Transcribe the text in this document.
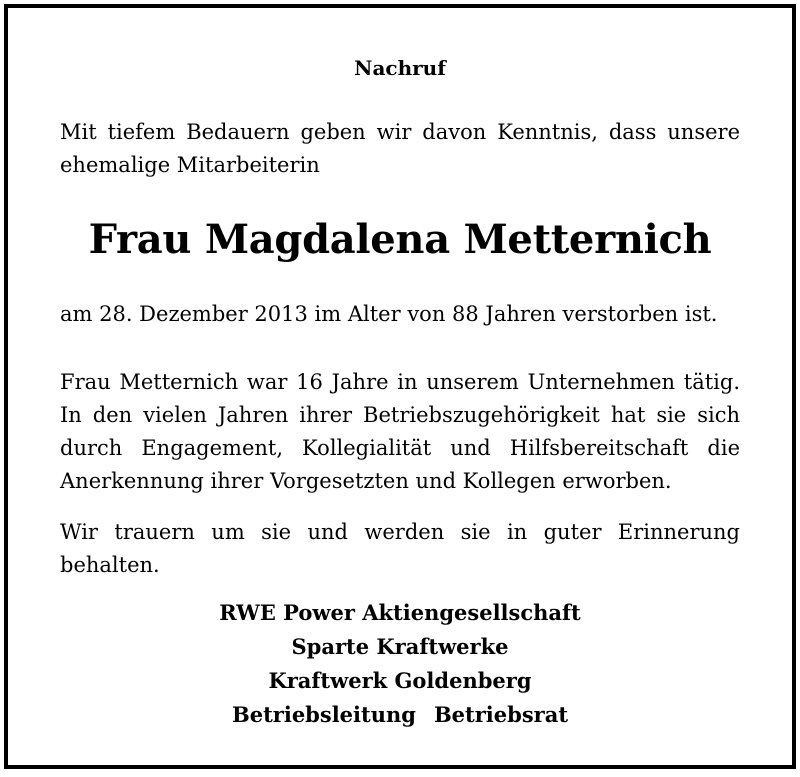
Nachruf
Mit tiefem Bedauern geben wir davon Kenntnis, dass unsere ehemalige Mitarbeiterin
Frau Magdalena Metternich
am 28. Dezember 2013 im Alter von 88 Jahren verstorben ist.
Frau Metternich war 16 Jahre in unserem Unternehmen tätig. In den vielen Jahren ihrer Betriebszugehörigkeit hat sie sich durch Engagement, Kollegialität und Hilfsbereitschaft die Anerkennung ihrer Vorgesetzten und Kollegen erworben.
Wir trauern um sie und werden sie in guter Erinnerung behalten.
RWE Power Aktiengesellschaft
Sparte Kraftwerke
Kraftwerk Goldenberg
Betriebsleitung Betriebsrat
